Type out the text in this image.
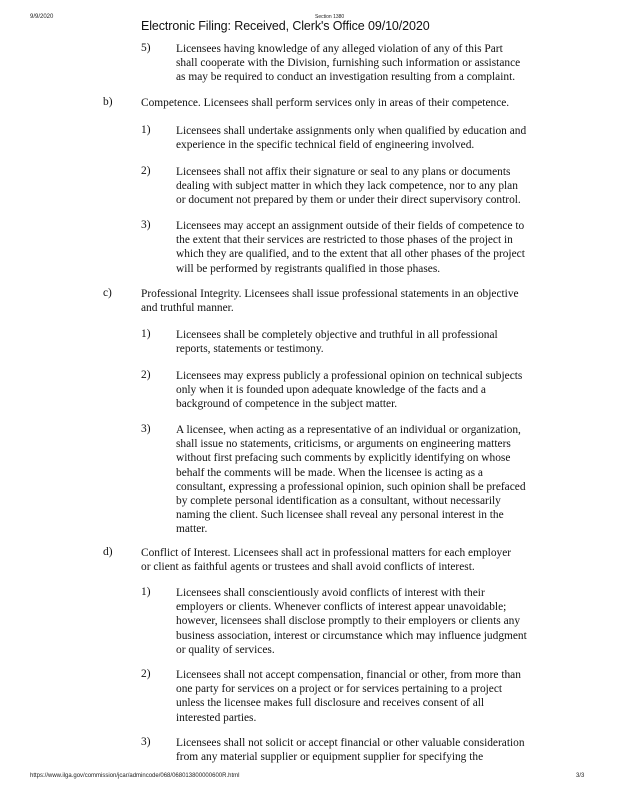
9/9/2020	Section 1380
Electronic Filing: Received, Clerk's Office 09/10/2020
5) Licensees having knowledge of any alleged violation of any of this Part
shall cooperate with the Division, furnishing such information or assistance
as may be required to conduct an investigation resulting from a complaint.
b)	Competence. Licensees shall perform services only in areas of their competence.
1) Licensees shall undertake assignments only when qualified by education and
experience in the specific technical field of engineering involved.
2) Licensees shall not affix their signature or seal to any plans or documents
dealing with subject matter in which they lack competence, nor to any plan
or document not prepared by them or under their direct supervisory control.
3) Licensees may accept an assignment outside of their fields of competence to
the extent that their services are restricted to those phases of the project in
which they are qualified, and to the extent that all other phases of the project
will be performed by registrants qualified in those phases.
c)	Professional Integrity. Licensees shall issue professional statements in an objective
and truthful manner.
1) Licensees shall be completely objective and truthful in all professional
reports, statements or testimony.
2) Licensees may express publicly a professional opinion on technical subjects
only when it is founded upon adequate knowledge of the facts and a
background of competence in the subject matter.
3) A licensee, when acting as a representative of an individual or organization,
shall issue no statements, criticisms, or arguments on engineering matters
without first prefacing such comments by explicitly identifying on whose
behalf the comments will be made. When the licensee is acting as a
consultant, expressing a professional opinion, such opinion shall be prefaced
by complete personal identification as a consultant, without necessarily
naming the client. Such licensee shall reveal any personal interest in the
matter.
d)	Conflict of Interest. Licensees shall act in professional matters for each employer
or client as faithful agents or trustees and shall avoid conflicts of interest.
1) Licensees shall conscientiously avoid conflicts of interest with their
employers or clients. Whenever conflicts of interest appear unavoidable;
however, licensees shall disclose promptly to their employers or clients any
business association, interest or circumstance which may influence judgment
or quality of services.
2) Licensees shall not accept compensation, financial or other, from more than
one party for services on a project or for services pertaining to a project
unless the licensee makes full disclosure and receives consent of all
interested parties.
3) Licensees shall not solicit or accept financial or other valuable consideration
from any material supplier or equipment supplier for specifying the
https://www.ilga.gov/commission/jcar/admincode/068/068013800000600R.html	3/3
